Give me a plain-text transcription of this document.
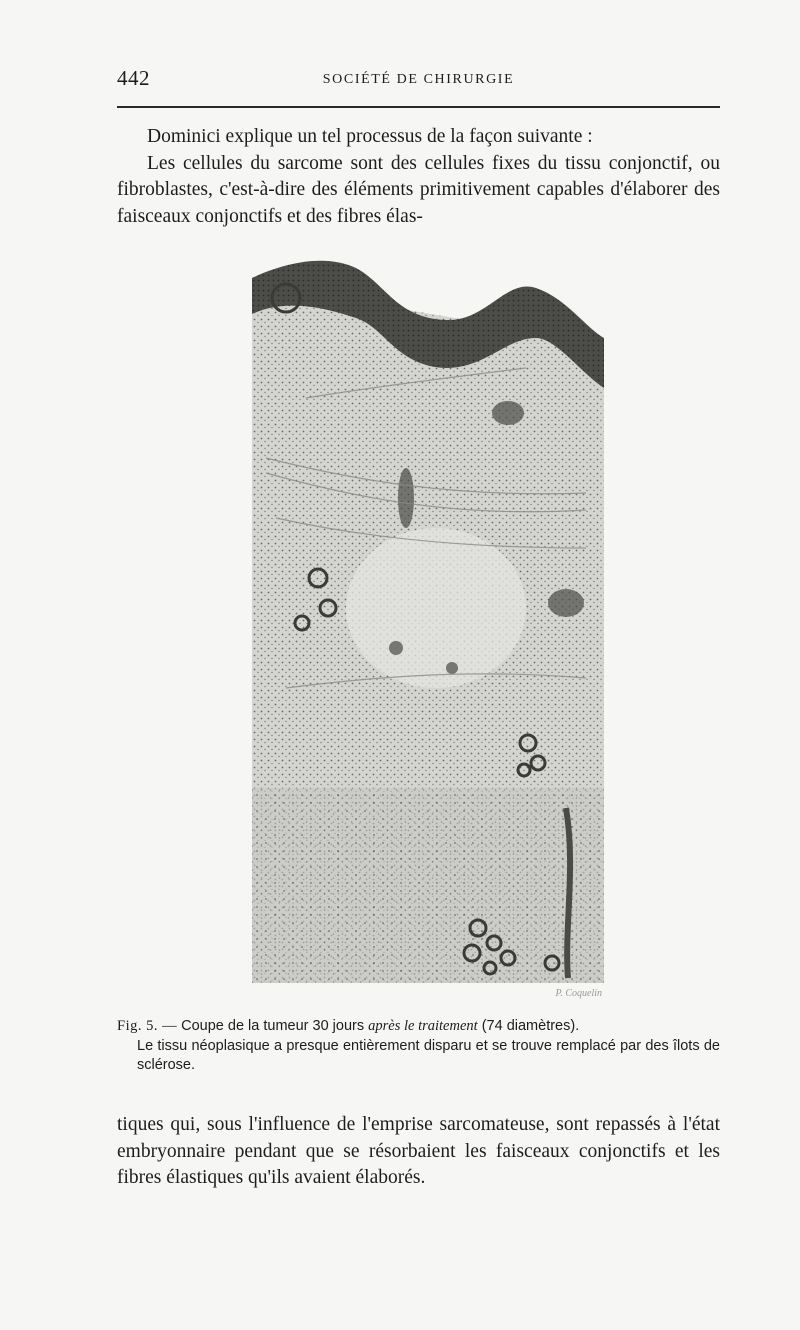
442	SOCIÉTÉ DE CHIRURGIE

Dominici explique un tel processus de la façon suivante :

Les cellules du sarcome sont des cellules fixes du tissu conjonctif, ou fibroblastes, c'est-à-dire des éléments primitivement capables d'élaborer des faisceaux conjonctifs et des fibres élas-

P. Coquelin

Fig. 5. — Coupe de la tumeur 30 jours après le traitement (74 diamètres).

Le tissu néoplasique a presque entièrement disparu et se trouve remplacé par des îlots de sclérose.

tiques qui, sous l'influence de l'emprise sarcomateuse, sont repassés à l'état embryonnaire pendant que se résorbaient les faisceaux conjonctifs et les fibres élastiques qu'ils avaient élaborés.
